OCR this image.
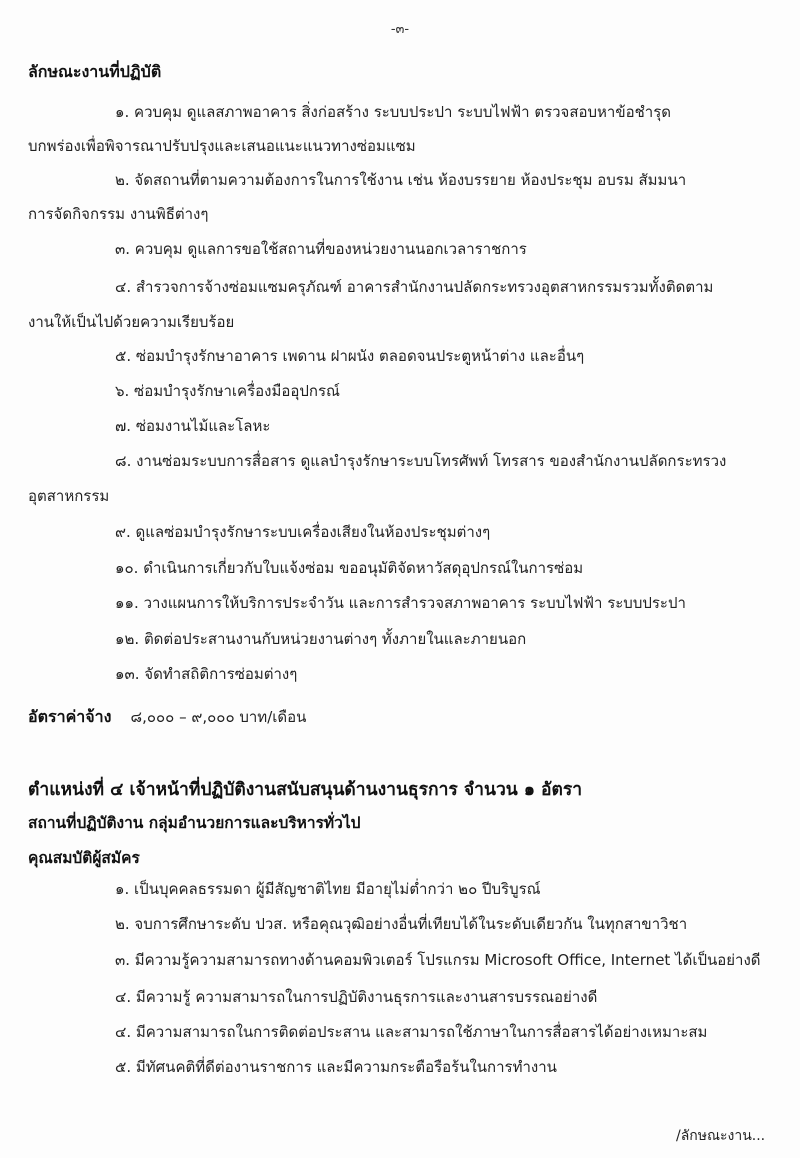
-๓-
ลักษณะงานที่ปฏิบัติ
๑. ควบคุม ดูแลสภาพอาคาร สิ่งก่อสร้าง ระบบประปา ระบบไฟฟ้า ตรวจสอบหาข้อชำรุด
บกพร่องเพื่อพิจารณาปรับปรุงและเสนอแนะแนวทางซ่อมแซม
๒. จัดสถานที่ตามความต้องการในการใช้งาน เช่น ห้องบรรยาย ห้องประชุม อบรม สัมมนา
การจัดกิจกรรม งานพิธีต่างๆ
๓. ควบคุม ดูแลการขอใช้สถานที่ของหน่วยงานนอกเวลาราชการ
๔. สำรวจการจ้างซ่อมแซมครุภัณฑ์ อาคารสำนักงานปลัดกระทรวงอุตสาหกรรมรวมทั้งติดตาม
งานให้เป็นไปด้วยความเรียบร้อย
๕. ซ่อมบำรุงรักษาอาคาร เพดาน ฝาผนัง ตลอดจนประตูหน้าต่าง และอื่นๆ
๖. ซ่อมบำรุงรักษาเครื่องมืออุปกรณ์
๗. ซ่อมงานไม้และโลหะ
๘. งานซ่อมระบบการสื่อสาร ดูแลบำรุงรักษาระบบโทรศัพท์ โทรสาร ของสำนักงานปลัดกระทรวง
อุตสาหกรรม
๙. ดูแลซ่อมบำรุงรักษาระบบเครื่องเสียงในห้องประชุมต่างๆ
๑๐. ดำเนินการเกี่ยวกับใบแจ้งซ่อม ขออนุมัติจัดหาวัสดุอุปกรณ์ในการซ่อม
๑๑. วางแผนการให้บริการประจำวัน และการสำรวจสภาพอาคาร ระบบไฟฟ้า ระบบประปา
๑๒. ติดต่อประสานงานกับหน่วยงานต่างๆ ทั้งภายในและภายนอก
๑๓. จัดทำสถิติการซ่อมต่างๆ
อัตราค่าจ้าง ๘,๐๐๐ – ๙,๐๐๐ บาท/เดือน
ตำแหน่งที่ ๔ เจ้าหน้าที่ปฏิบัติงานสนับสนุนด้านงานธุรการ จำนวน ๑ อัตรา
สถานที่ปฏิบัติงาน กลุ่มอำนวยการและบริหารทั่วไป
คุณสมบัติผู้สมัคร
๑. เป็นบุคคลธรรมดา ผู้มีสัญชาติไทย มีอายุไม่ต่ำกว่า ๒๐ ปีบริบูรณ์
๒. จบการศึกษาระดับ ปวส. หรือคุณวุฒิอย่างอื่นที่เทียบได้ในระดับเดียวกัน ในทุกสาขาวิชา
๓. มีความรู้ความสามารถทางด้านคอมพิวเตอร์ โปรแกรม Microsoft Office, Internet ได้เป็นอย่างดี
๔. มีความรู้ ความสามารถในการปฏิบัติงานธุรการและงานสารบรรณอย่างดี
๔. มีความสามารถในการติดต่อประสาน และสามารถใช้ภาษาในการสื่อสารได้อย่างเหมาะสม
๕. มีทัศนคติที่ดีต่องานราชการ และมีความกระตือรือร้นในการทำงาน
/ลักษณะงาน...
